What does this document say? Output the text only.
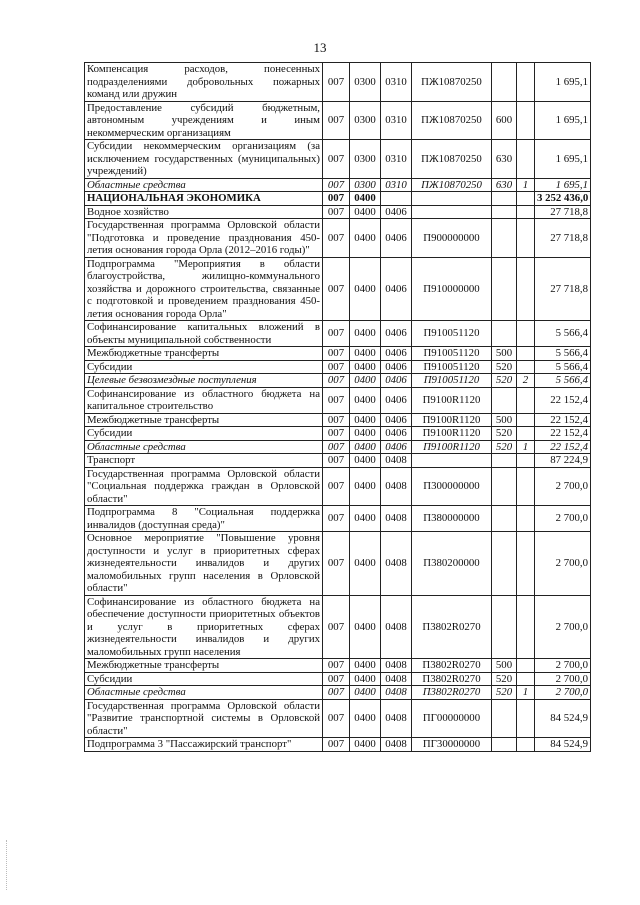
13
Компенсация расходов, понесенных подразделениями добровольных пожарных команд или дружин	007	0300	0310	ПЖ10870250			1 695,1
Предоставление субсидий бюджетным, автономным учреждениям и иным некоммерческим организациям	007	0300	0310	ПЖ10870250	600		1 695,1
Субсидии некоммерческим организациям (за исключением государственных (муниципальных) учреждений)	007	0300	0310	ПЖ10870250	630		1 695,1
Областные средства	007	0300	0310	ПЖ10870250	630	1	1 695,1
НАЦИОНАЛЬНАЯ ЭКОНОМИКА	007	0400					3 252 436,0
Водное хозяйство	007	0400	0406				27 718,8
Государственная программа Орловской области "Подготовка и проведение празднования 450-летия основания города Орла (2012–2016 годы)"	007	0400	0406	П900000000			27 718,8
Подпрограмма "Мероприятия в области благоустройства, жилищно-коммунального хозяйства и дорожного строительства, связанные с подготовкой и проведением празднования 450-летия основания города Орла"	007	0400	0406	П910000000			27 718,8
Софинансирование капитальных вложений в объекты муниципальной собственности	007	0400	0406	П910051120			5 566,4
Межбюджетные трансферты	007	0400	0406	П910051120	500		5 566,4
Субсидии	007	0400	0406	П910051120	520		5 566,4
Целевые безвозмездные поступления	007	0400	0406	П910051120	520	2	5 566,4
Софинансирование из областного бюджета на капитальное строительство	007	0400	0406	П9100R1120			22 152,4
Межбюджетные трансферты	007	0400	0406	П9100R1120	500		22 152,4
Субсидии	007	0400	0406	П9100R1120	520		22 152,4
Областные средства	007	0400	0406	П9100R1120	520	1	22 152,4
Транспорт	007	0400	0408				87 224,9
Государственная программа Орловской области "Социальная поддержка граждан в Орловской области"	007	0400	0408	П300000000			2 700,0
Подпрограмма 8 "Социальная поддержка инвалидов (доступная среда)"	007	0400	0408	П380000000			2 700,0
Основное мероприятие "Повышение уровня доступности и услуг в приоритетных сферах жизнедеятельности инвалидов и других маломобильных групп населения в Орловской области"	007	0400	0408	П380200000			2 700,0
Софинансирование из областного бюджета на обеспечение доступности приоритетных объектов и услуг в приоритетных сферах жизнедеятельности инвалидов и других маломобильных групп населения	007	0400	0408	П3802R0270			2 700,0
Межбюджетные трансферты	007	0400	0408	П3802R0270	500		2 700,0
Субсидии	007	0400	0408	П3802R0270	520		2 700,0
Областные средства	007	0400	0408	П3802R0270	520	1	2 700,0
Государственная программа Орловской области "Развитие транспортной системы в Орловской области"	007	0400	0408	ПГ00000000			84 524,9
Подпрограмма 3 "Пассажирский транспорт"	007	0400	0408	ПГ30000000			84 524,9
